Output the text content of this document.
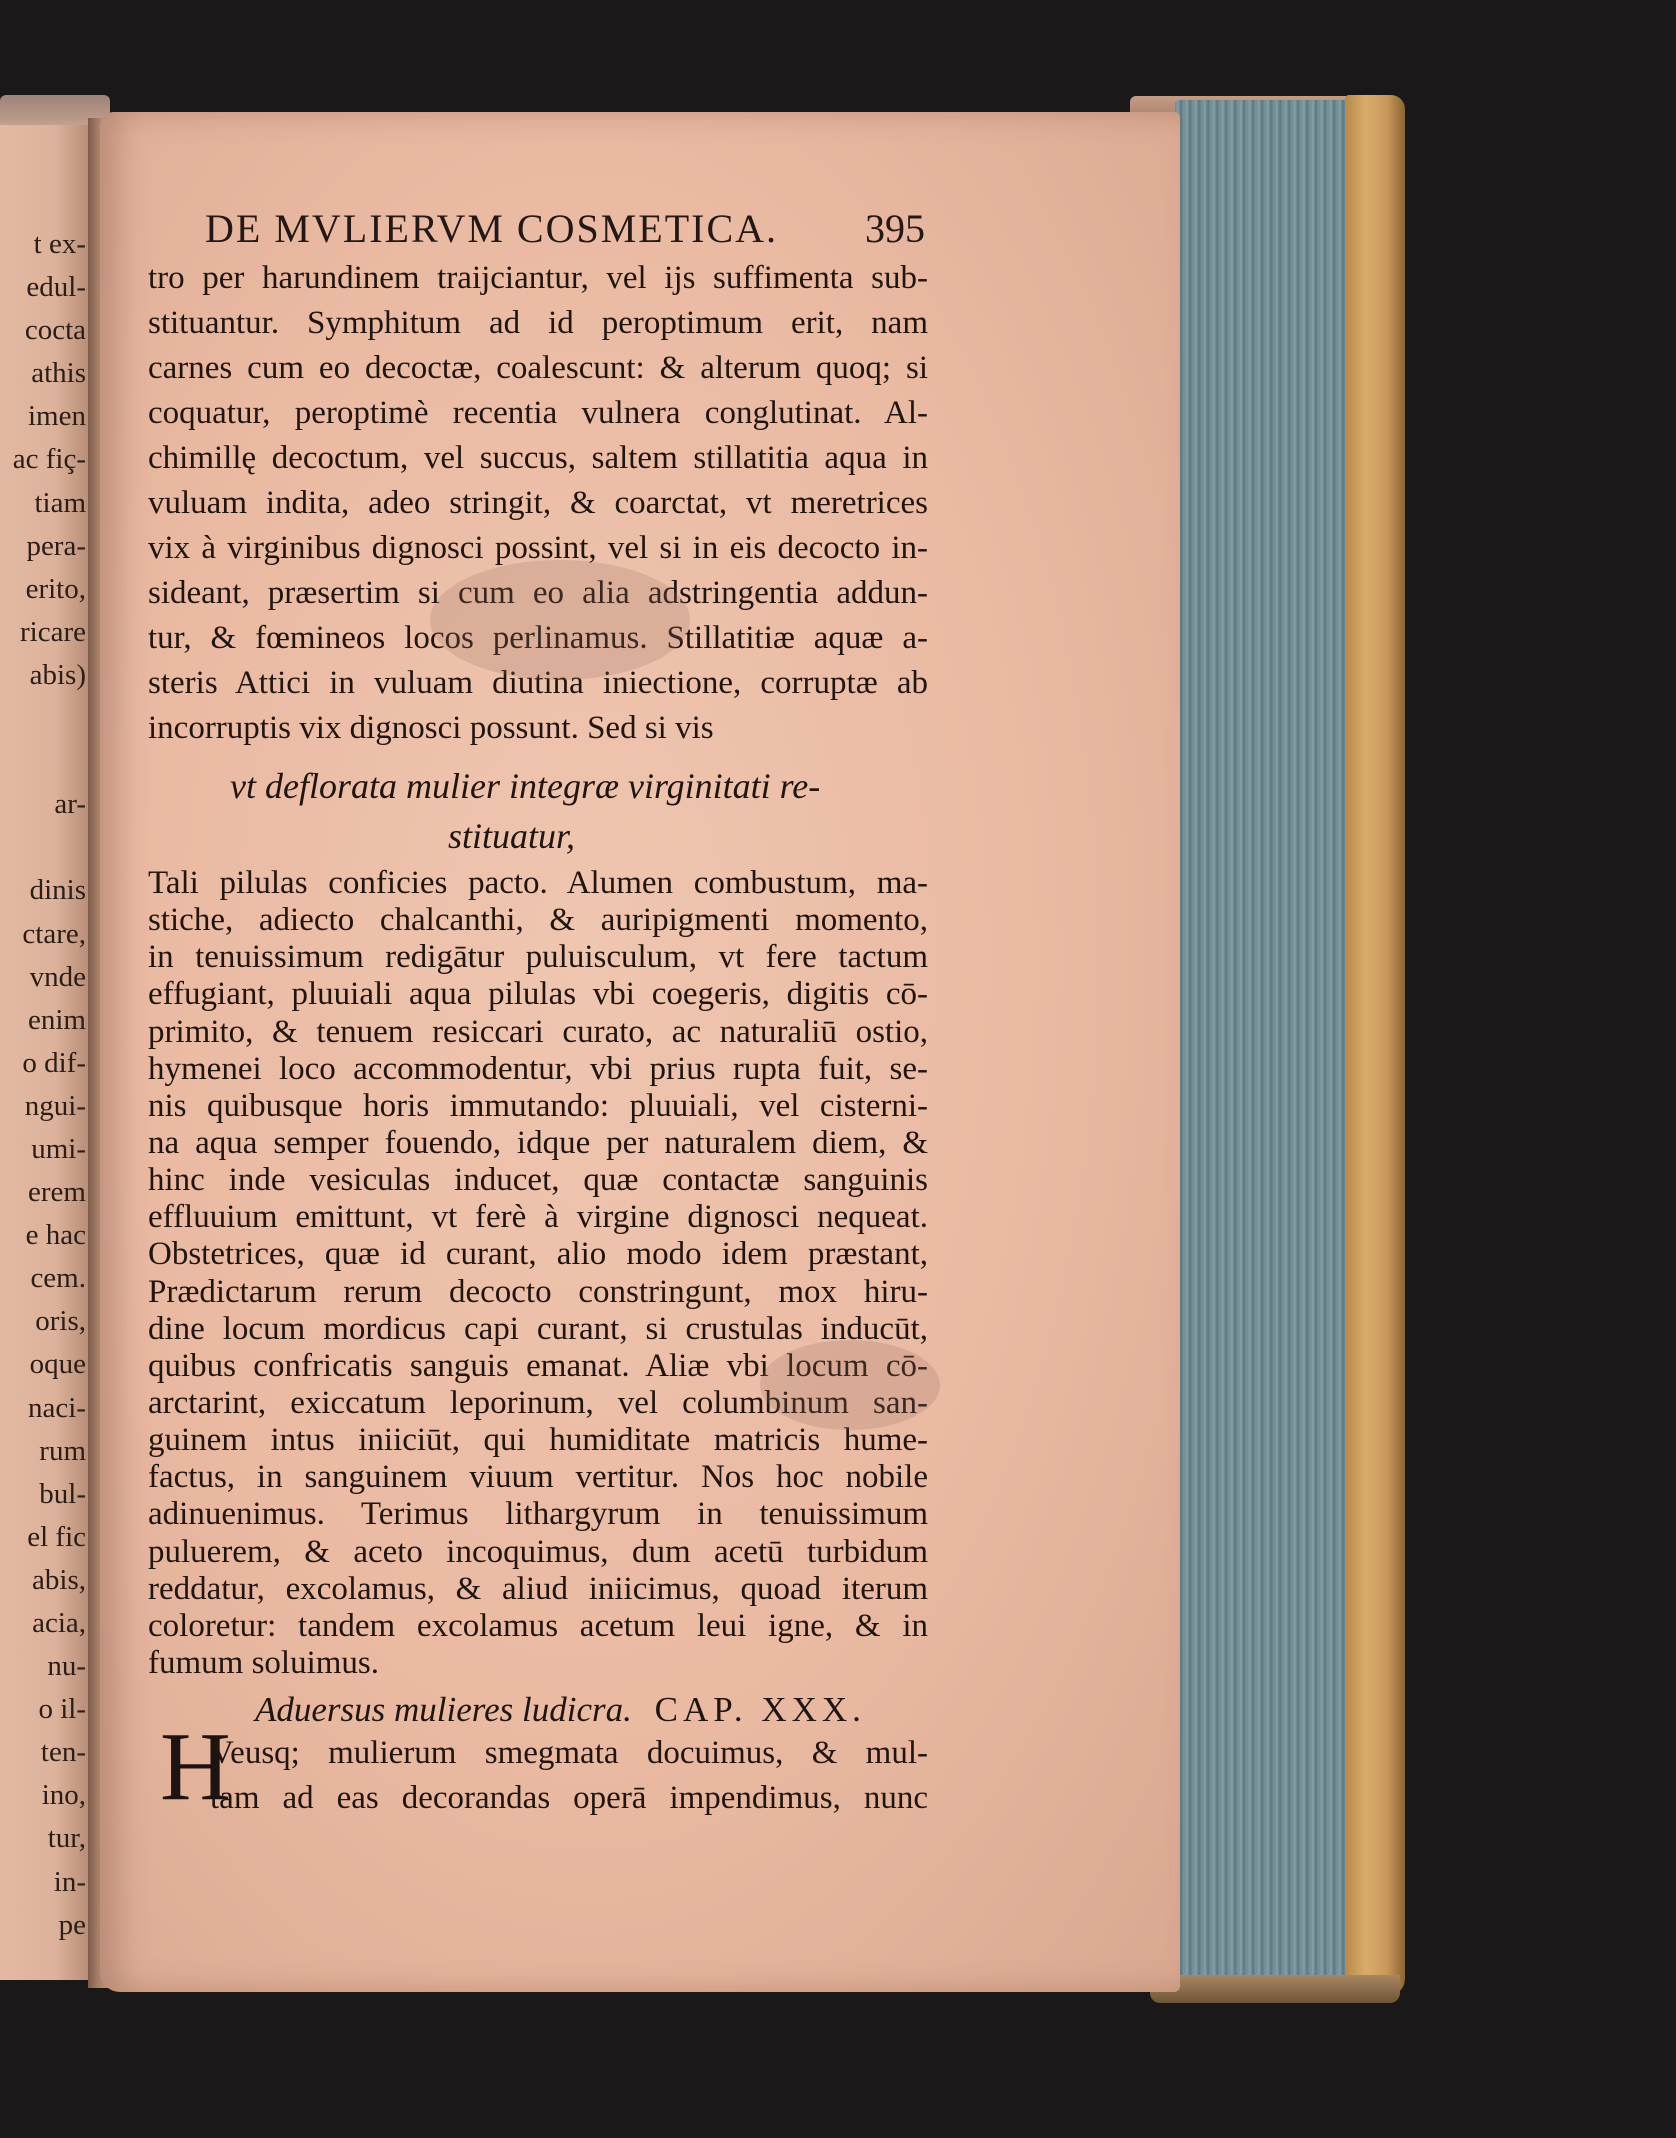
t ex-
edul-
cocta
athis
imen
ac fiç-
tiam
pera-
erito,
ricare
abis)

ar-

dinis
ctare,
vnde
enim
o dif-
ngui-
umi-
erem
e hac
cem.
oris,
oque
naci-
rum
bul-
el fic
abis,
acia,
nu-
o il-
ten-
ino,
tur,
in-
pe
DE MVLIERVM COSMETICA. 395
tro per harundinem traijciantur, vel ijs suffimenta sub-
stituantur. Symphitum ad id peroptimum erit, nam
carnes cum eo decoctæ, coalescunt: & alterum quoq; si
coquatur, peroptimè recentia vulnera conglutinat. Al-
chimillę decoctum, vel succus, saltem stillatitia aqua in
vuluam indita, adeo stringit, & coarctat, vt meretrices
vix à virginibus dignosci possint, vel si in eis decocto in-
sideant, præsertim si cum eo alia adstringentia addun-
tur, & fœmineos locos perlinamus. Stillatitiæ aquæ a-
steris Attici in vuluam diutina iniectione, corruptæ ab
incorruptis vix dignosci possunt. Sed si vis
vt deflorata mulier integræ virginitati re-
stituatur,
Tali pilulas conficies pacto. Alumen combustum, ma-
stiche, adiecto chalcanthi, & auripigmenti momento,
in tenuissimum redigātur puluisculum, vt fere tactum
effugiant, pluuiali aqua pilulas vbi coegeris, digitis cō-
primito, & tenuem resiccari curato, ac naturaliū ostio,
hymenei loco accommodentur, vbi prius rupta fuit, se-
nis quibusque horis immutando: pluuiali, vel cisterni-
na aqua semper fouendo, idque per naturalem diem, &
hinc inde vesiculas inducet, quæ contactæ sanguinis
effluuium emittunt, vt ferè à virgine dignosci nequeat.
Obstetrices, quæ id curant, alio modo idem præstant,
Prædictarum rerum decocto constringunt, mox hiru-
dine locum mordicus capi curant, si crustulas inducūt,
quibus confricatis sanguis emanat. Aliæ vbi locum cō-
arctarint, exiccatum leporinum, vel columbinum san-
guinem intus iniiciūt, qui humiditate matricis hume-
factus, in sanguinem viuum vertitur. Nos hoc nobile
adinuenimus. Terimus lithargyrum in tenuissimum
puluerem, & aceto incoquimus, dum acetū turbidum
reddatur, excolamus, & aliud iniicimus, quoad iterum
coloretur: tandem excolamus acetum leui igne, & in
fumum soluimus.
Aduersus mulieres ludicra. CAP. XXX.
H
Veusq; mulierum smegmata docuimus, & mul-
tam ad eas decorandas operā impendimus, nunc
